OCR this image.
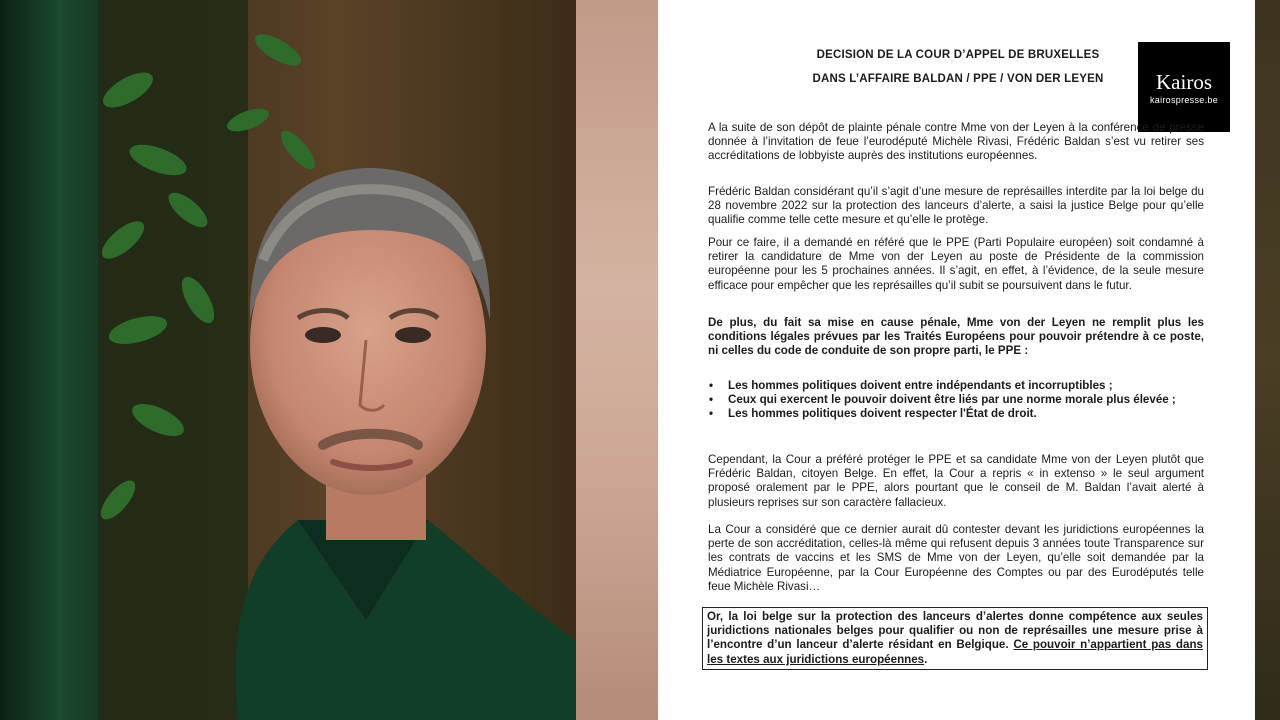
DECISION DE LA COUR D’APPEL DE BRUXELLES
DANS L’AFFAIRE BALDAN / PPE / VON DER LEYEN	Kairos
kairospresse.be

A la suite de son dépôt de plainte pénale contre Mme von der Leyen à la conférence de presse donnée à l’invitation de feue l’eurodéputé Michèle Rivasi, Frédéric Baldan s’est vu retirer ses accréditations de lobbyiste auprès des institutions européennes.

Frédéric Baldan considérant qu’il s’agit d’une mesure de représailles interdite par la loi belge du 28 novembre 2022 sur la protection des lanceurs d’alerte, a saisi la justice Belge pour qu’elle qualifie comme telle cette mesure et qu’elle le protège.

Pour ce faire, il a demandé en référé que le PPE (Parti Populaire européen) soit condamné à retirer la candidature de Mme von der Leyen au poste de Présidente de la commission européenne pour les 5 prochaines années. Il s’agit, en effet, à l’évidence, de la seule mesure efficace pour empêcher que les représailles qu’il subit se poursuivent dans le futur.

De plus, du fait sa mise en cause pénale, Mme von der Leyen ne remplit plus les conditions légales prévues par les Traités Européens pour pouvoir prétendre à ce poste, ni celles du code de conduite de son propre parti, le PPE :

• Les hommes politiques doivent entre indépendants et incorruptibles ;
• Ceux qui exercent le pouvoir doivent être liés par une norme morale plus élevée ;
• Les hommes politiques doivent respecter l'État de droit.

Cependant, la Cour a préféré protéger le PPE et sa candidate Mme von der Leyen plutôt que Frédéric Baldan, citoyen Belge. En effet, la Cour a repris « in extenso » le seul argument proposé oralement par le PPE, alors pourtant que le conseil de M. Baldan l’avait alerté à plusieurs reprises sur son caractère fallacieux.

La Cour a considéré que ce dernier aurait dû contester devant les juridictions européennes la perte de son accréditation, celles-là même qui refusent depuis 3 années toute Transparence sur les contrats de vaccins et les SMS de Mme von der Leyen, qu’elle soit demandée par la Médiatrice Européenne, par la Cour Européenne des Comptes ou par des Eurodéputés telle feue Michèle Rivasi…

Or, la loi belge sur la protection des lanceurs d’alertes donne compétence aux seules juridictions nationales belges pour qualifier ou non de représailles une mesure prise à l’encontre d’un lanceur d’alerte résidant en Belgique. Ce pouvoir n’appartient pas dans les textes aux juridictions européennes.
